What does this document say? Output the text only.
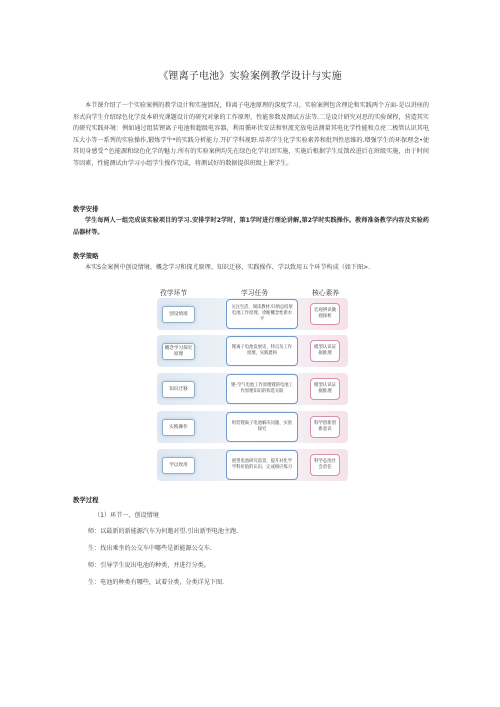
《锂离子电池》实验案例教学设计与实施
本节课介绍了一个实验案例的教学设计和实施情况，仰离子电池原理的深度学习。实验案例包含理论和实践两个方面-是以讲座的形式向学生介绍绿色化学及本研究课题设计的研究对象的工作原理、性能参数及测试方法等.二是设计研究对思的实验课程，营造其实的研究实践环境：例如通过组装锂离子电池和超级电容器，利用循环伏安法和恒流充放电法测量其电化学性能和点亮二极管认识其电压大小等一系列的实验操作,锻炼学牛*的实践分析能力.开扩学科视野.培养学生化学实验素养和批判性思维的.增强学生的环保理念•使其切身感受^色能源和绿色化学的魅力.所有的实验案例均先在绿色化学社团实施，实施后根据学生反馈改进后在班级实施，由于时间等因素，性能测试由学习小组学生操作完成，将测试好的数据提供班级上课学生。
教学安排
学生每两人一组完成该实验项目的学习.安排学时2学时，第1学时进行理论讲解,第2学时实践操作。教师准备教学内容及实验药品器材等。
教学策略
本实S金案例中创设情境、概念学习和探尤原理、知识迁移、实践操作、学以致用五个环节构成（如下图>.
孜学环节	学习任务	核心素养
创设情境
关注生活，阅读教材.归纳总结原电池工作原理，诊断概念性新水平
宏观辨识微观探析
概念学习探究原理
锂离子电池发展史、特点及工作原理、实践建构
模型认识证据推理
知识迁移
锂-空气电池工作原理锂的电池工作原理知识的构选关联
模型认识证据推理
实践操作
组装锂离子电池解决问题、实验探究
科学创新创新意识
学以致用
展望电池研究前景，提升对化学学科价值的认识，完成相应练习
科学态度社会责任
教学过程
（1）环节一、创设情境
师：以最新的新能源汽车为何邀对望.引出新型电池主跑.
生：找出乘坐的公交车中哪些是新能源公交车.
师：引导学生说出电池的种类，并进行分类。
生：电池的种类有哪些，试着分类，分类详见下图.
